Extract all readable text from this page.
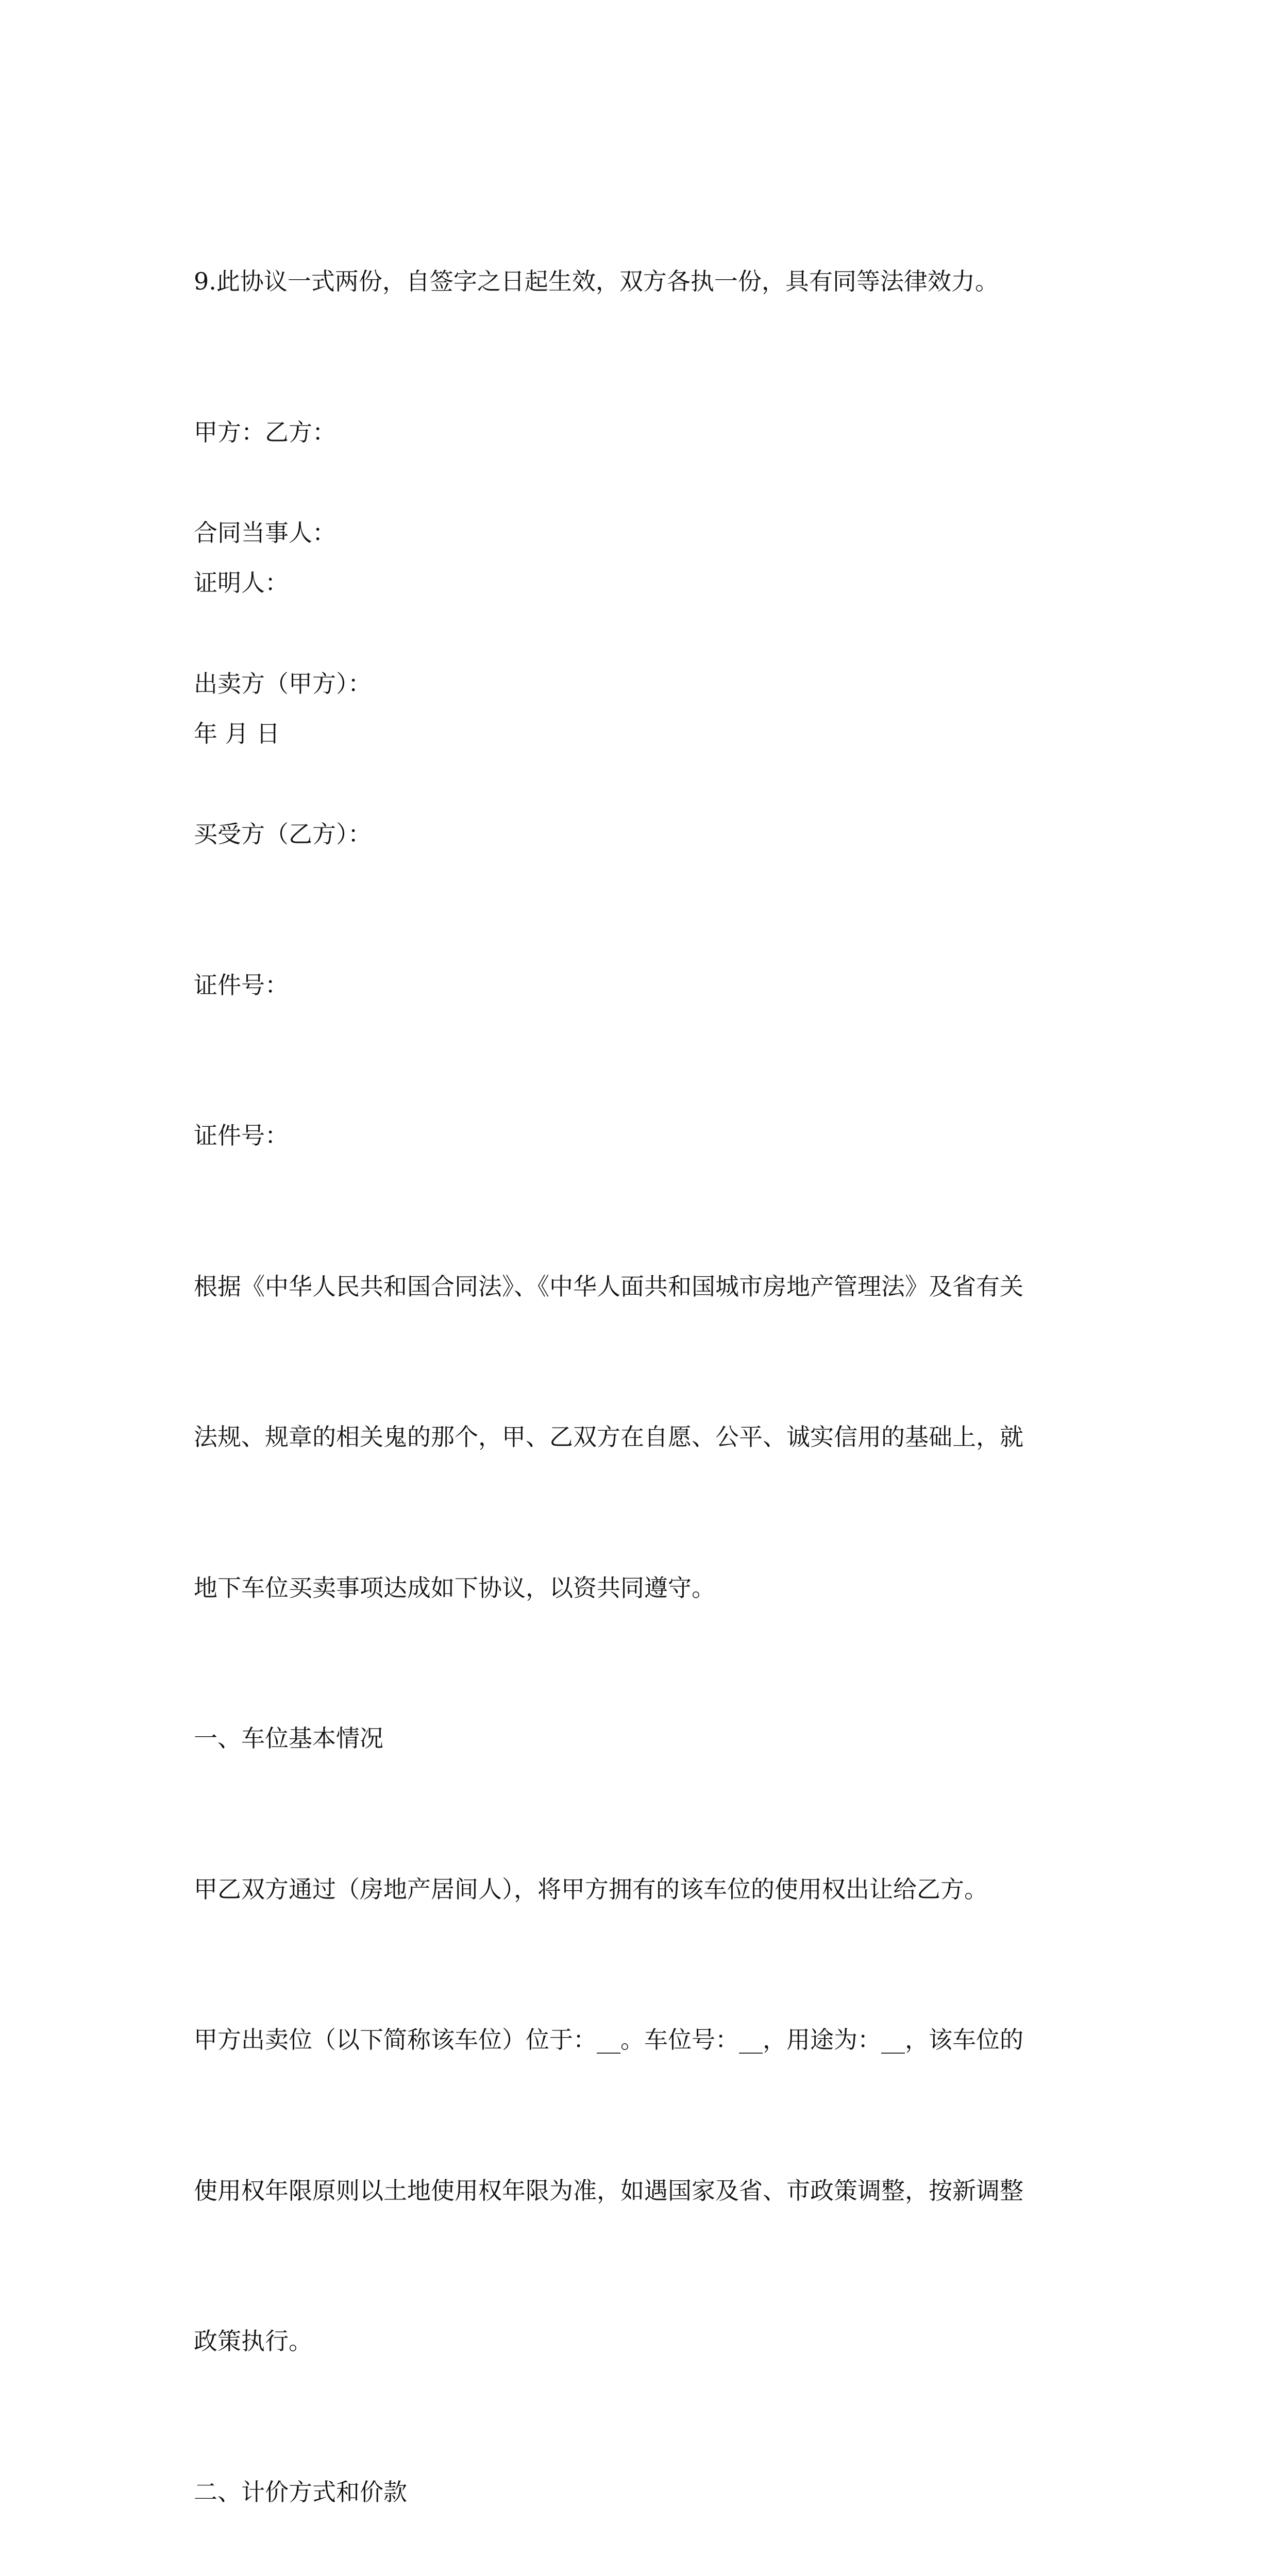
9.此协议一式两份，自签字之日起生效，双方各执一份，具有同等法律效力。

甲方：乙方：

证明人：

年 月 日

合同当事人：

出卖方（甲方）：

买受方（乙方）：

证件号：

证件号：

根据《中华人民共和国合同法》、《中华人面共和国城市房地产管理法》及省有关

法规、规章的相关鬼的那个，甲、乙双方在自愿、公平、诚实信用的基础上，就

地下车位买卖事项达成如下协议，以资共同遵守。

一、车位基本情况

甲乙双方通过（房地产居间人），将甲方拥有的该车位的使用权出让给乙方。

甲方出卖位（以下简称该车位）位于：__。车位号：__，用途为：__，该车位的

使用权年限原则以土地使用权年限为准，如遇国家及省、市政策调整，按新调整

政策执行。

二、计价方式和价款
